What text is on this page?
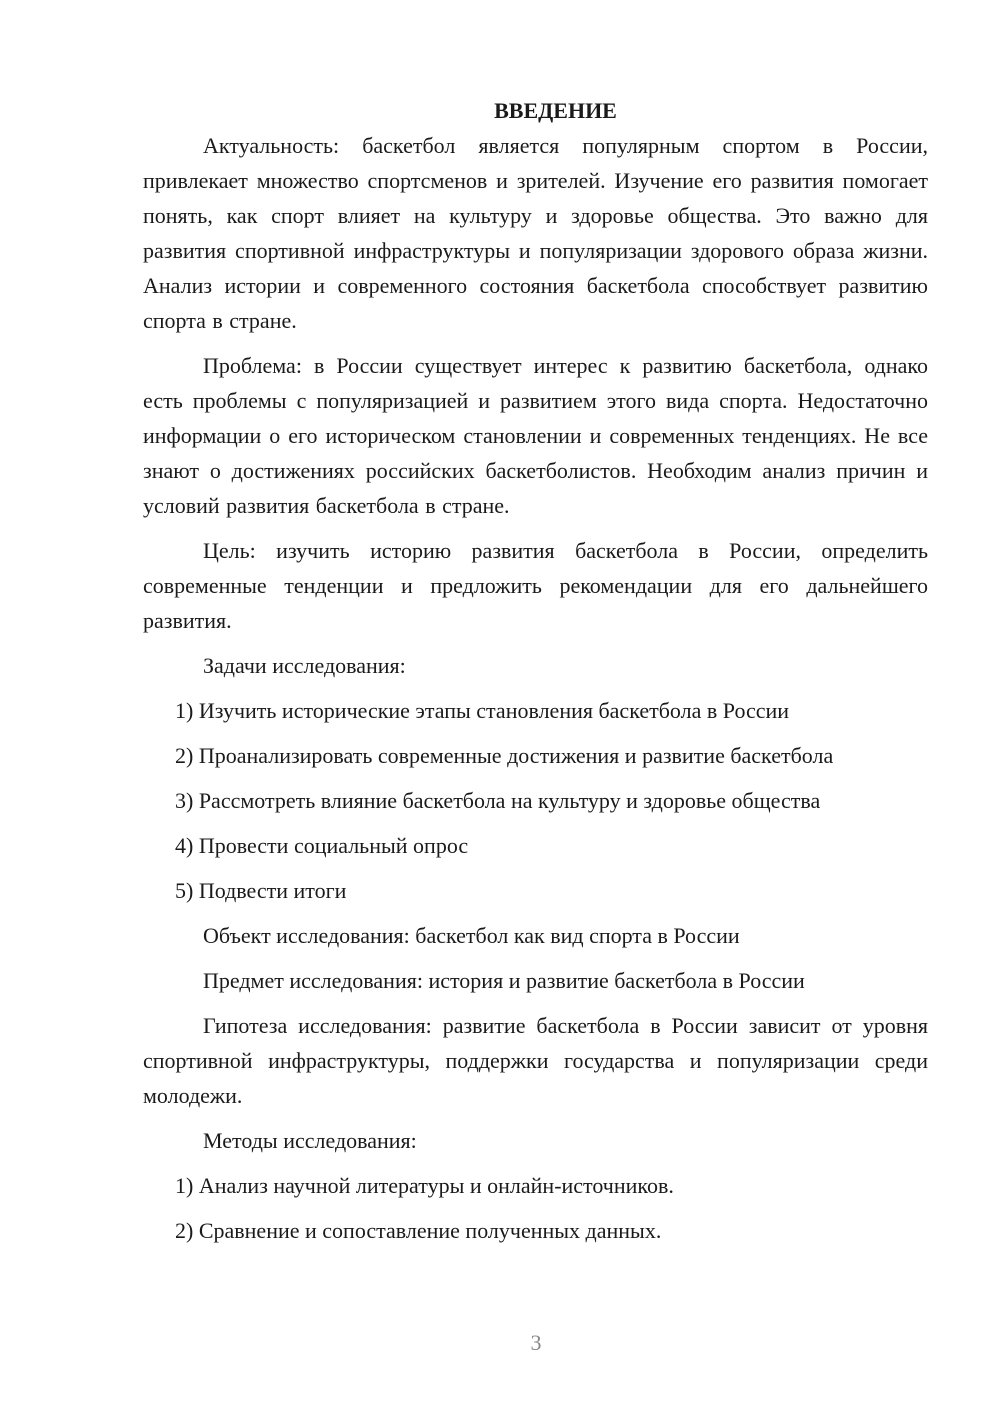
ВВЕДЕНИЕ

Актуальность: баскетбол является популярным спортом в России, привлекает множество спортсменов и зрителей. Изучение его развития помогает понять, как спорт влияет на культуру и здоровье общества. Это важно для развития спортивной инфраструктуры и популяризации здорового образа жизни. Анализ истории и современного состояния баскетбола способствует развитию спорта в стране.

Проблема: в России существует интерес к развитию баскетбола, однако есть проблемы с популяризацией и развитием этого вида спорта. Недостаточно информации о его историческом становлении и современных тенденциях. Не все знают о достижениях российских баскетболистов. Необходим анализ причин и условий развития баскетбола в стране.

Цель: изучить историю развития баскетбола в России, определить современные тенденции и предложить рекомендации для его дальнейшего развития.

Задачи исследования:

1) Изучить исторические этапы становления баскетбола в России

2) Проанализировать современные достижения и развитие баскетбола

3) Рассмотреть влияние баскетбола на культуру и здоровье общества

4) Провести социальный опрос

5) Подвести итоги

Объект исследования: баскетбол как вид спорта в России

Предмет исследования: история и развитие баскетбола в России

Гипотеза исследования: развитие баскетбола в России зависит от уровня спортивной инфраструктуры, поддержки государства и популяризации среди молодежи.

Методы исследования:

1) Анализ научной литературы и онлайн-источников.

2) Сравнение и сопоставление полученных данных.

3
